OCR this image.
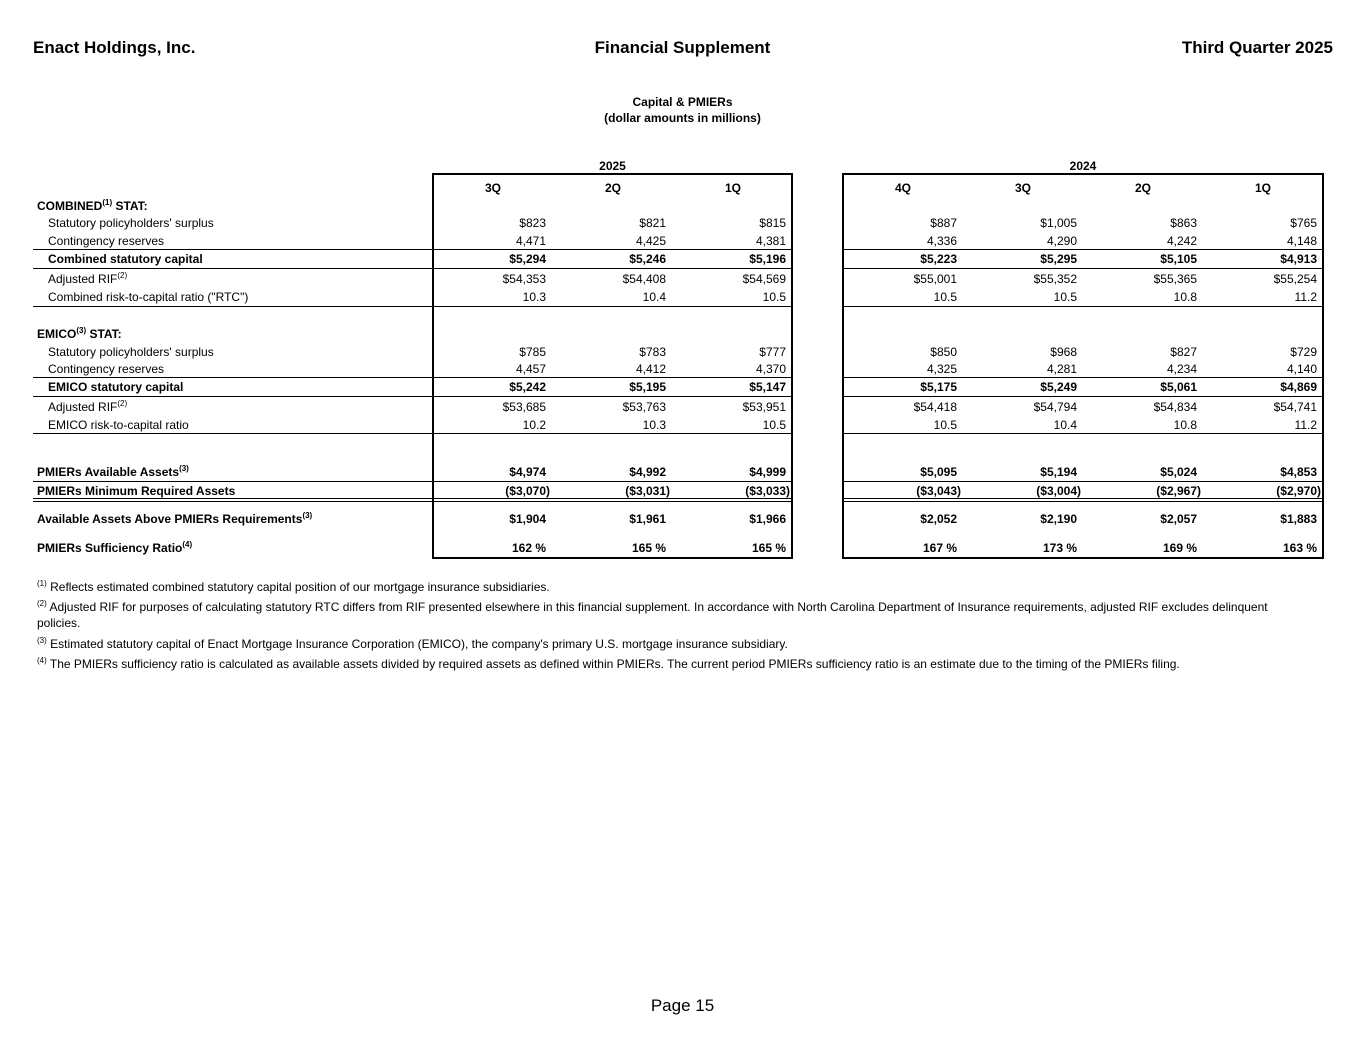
Enact Holdings, Inc.	Financial Supplement	Third Quarter 2025
Capital & PMIERs
(dollar amounts in millions)
2025	2024
3Q	2Q	1Q	4Q	3Q	2Q	1Q
COMBINED$^{(1)}$ STAT:
Statutory policyholders' surplus	$823	$821	$815	$887	$1,005	$863	$765
Contingency reserves	4,471	4,425	4,381	4,336	4,290	4,242	4,148
Combined statutory capital	$5,294	$5,246	$5,196	$5,223	$5,295	$5,105	$4,913
Adjusted RIF$^{(2)}$	$54,353	$54,408	$54,569	$55,001	$55,352	$55,365	$55,254
Combined risk-to-capital ratio ("RTC")	10.3	10.4	10.5	10.5	10.5	10.8	11.2
EMICO$^{(3)}$ STAT:
Statutory policyholders' surplus	$785	$783	$777	$850	$968	$827	$729
Contingency reserves	4,457	4,412	4,370	4,325	4,281	4,234	4,140
EMICO statutory capital	$5,242	$5,195	$5,147	$5,175	$5,249	$5,061	$4,869
Adjusted RIF$^{(2)}$	$53,685	$53,763	$53,951	$54,418	$54,794	$54,834	$54,741
EMICO risk-to-capital ratio	10.2	10.3	10.5	10.5	10.4	10.8	11.2
PMIERs Available Assets$^{(3)}$	$4,974	$4,992	$4,999	$5,095	$5,194	$5,024	$4,853
PMIERs Minimum Required Assets	($3,070)	($3,031)	($3,033)	($3,043)	($3,004)	($2,967)	($2,970)
Available Assets Above PMIERs Requirements$^{(3)}$	$1,904	$1,961	$1,966	$2,052	$2,190	$2,057	$1,883
PMIERs Sufficiency Ratio$^{(4)}$	162 %	165 %	165 %	167 %	173 %	169 %	163 %
$^{(1)}$ Reflects estimated combined statutory capital position of our mortgage insurance subsidiaries.
$^{(2)}$ Adjusted RIF for purposes of calculating statutory RTC differs from RIF presented elsewhere in this financial supplement. In accordance with North Carolina Department of Insurance requirements, adjusted RIF excludes delinquent policies.
$^{(3)}$ Estimated statutory capital of Enact Mortgage Insurance Corporation (EMICO), the company's primary U.S. mortgage insurance subsidiary.
$^{(4)}$ The PMIERs sufficiency ratio is calculated as available assets divided by required assets as defined within PMIERs. The current period PMIERs sufficiency ratio is an estimate due to the timing of the PMIERs filing.
Page 15
